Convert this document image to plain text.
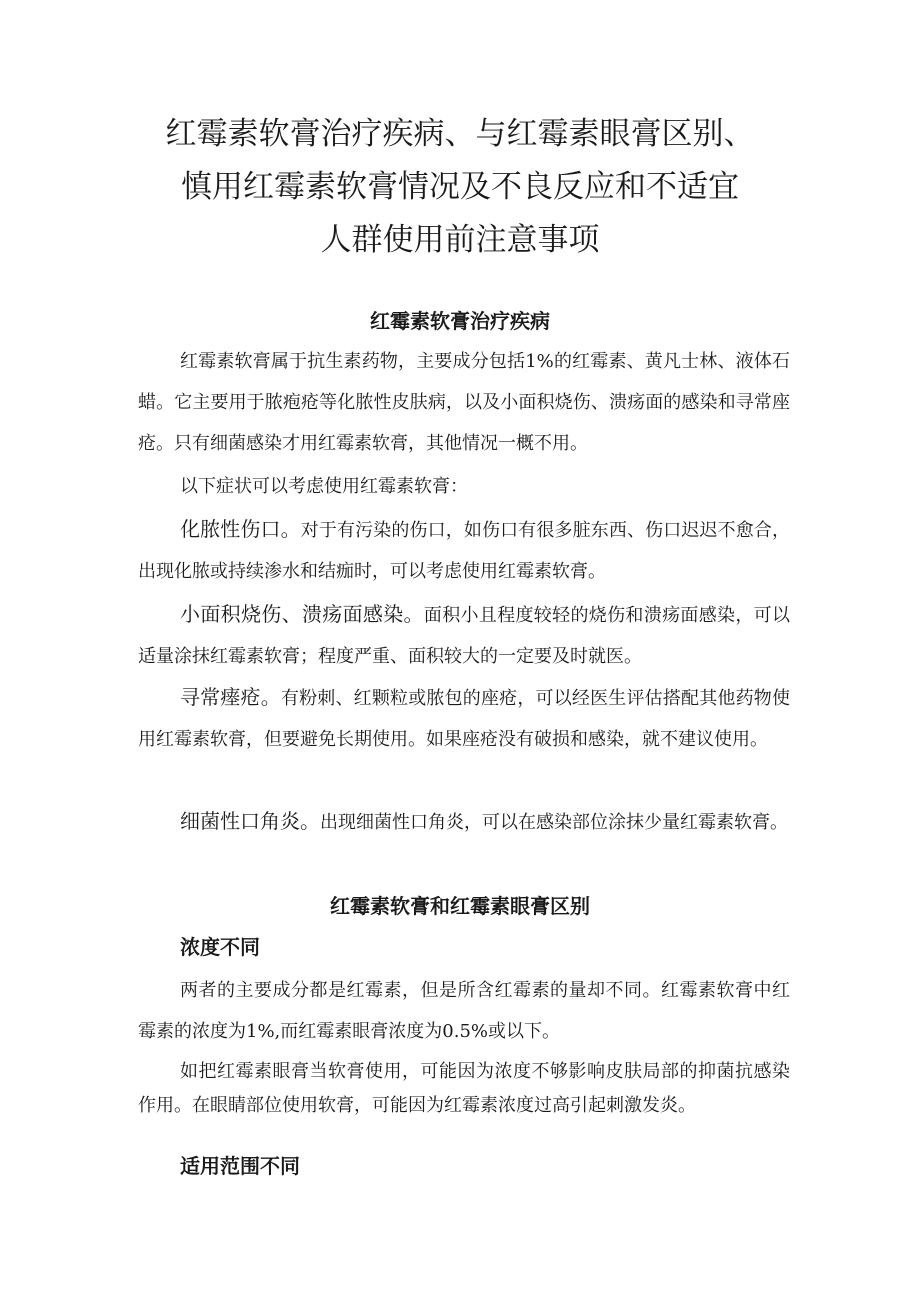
红霉素软膏治疗疾病、与红霉素眼膏区别、
慎用红霉素软膏情况及不良反应和不适宜
人群使用前注意事项
红霉素软膏治疗疾病

红霉素软膏属于抗生素药物，主要成分包括1%的红霉素、黄凡士林、液体石蜡。它主要用于脓疱疮等化脓性皮肤病，以及小面积烧伤、溃疡面的感染和寻常座疮。只有细菌感染才用红霉素软膏，其他情况一概不用。

以下症状可以考虑使用红霉素软膏：

化脓性伤口。对于有污染的伤口，如伤口有很多脏东西、伤口迟迟不愈合，出现化脓或持续渗水和结痂时，可以考虑使用红霉素软膏。

小面积烧伤、溃疡面感染。面积小且程度较轻的烧伤和溃疡面感染，可以适量涂抹红霉素软膏；程度严重、面积较大的一定要及时就医。

寻常瘗疮。有粉刺、红颗粒或脓包的座疮，可以经医生评估搭配其他药物使用红霉素软膏，但要避免长期使用。如果座疮没有破损和感染，就不建议使用。

细菌性口角炎。出现细菌性口角炎，可以在感染部位涂抹少量红霉素软膏。

红霉素软膏和红霉素眼膏区别
浓度不同

两者的主要成分都是红霉素，但是所含红霉素的量却不同。红霉素软膏中红霉素的浓度为1%,而红霉素眼膏浓度为0.5%或以下。

如把红霉素眼膏当软膏使用，可能因为浓度不够影响皮肤局部的抑菌抗感染作用。在眼睛部位使用软膏，可能因为红霉素浓度过高引起刺激发炎。

适用范围不同
